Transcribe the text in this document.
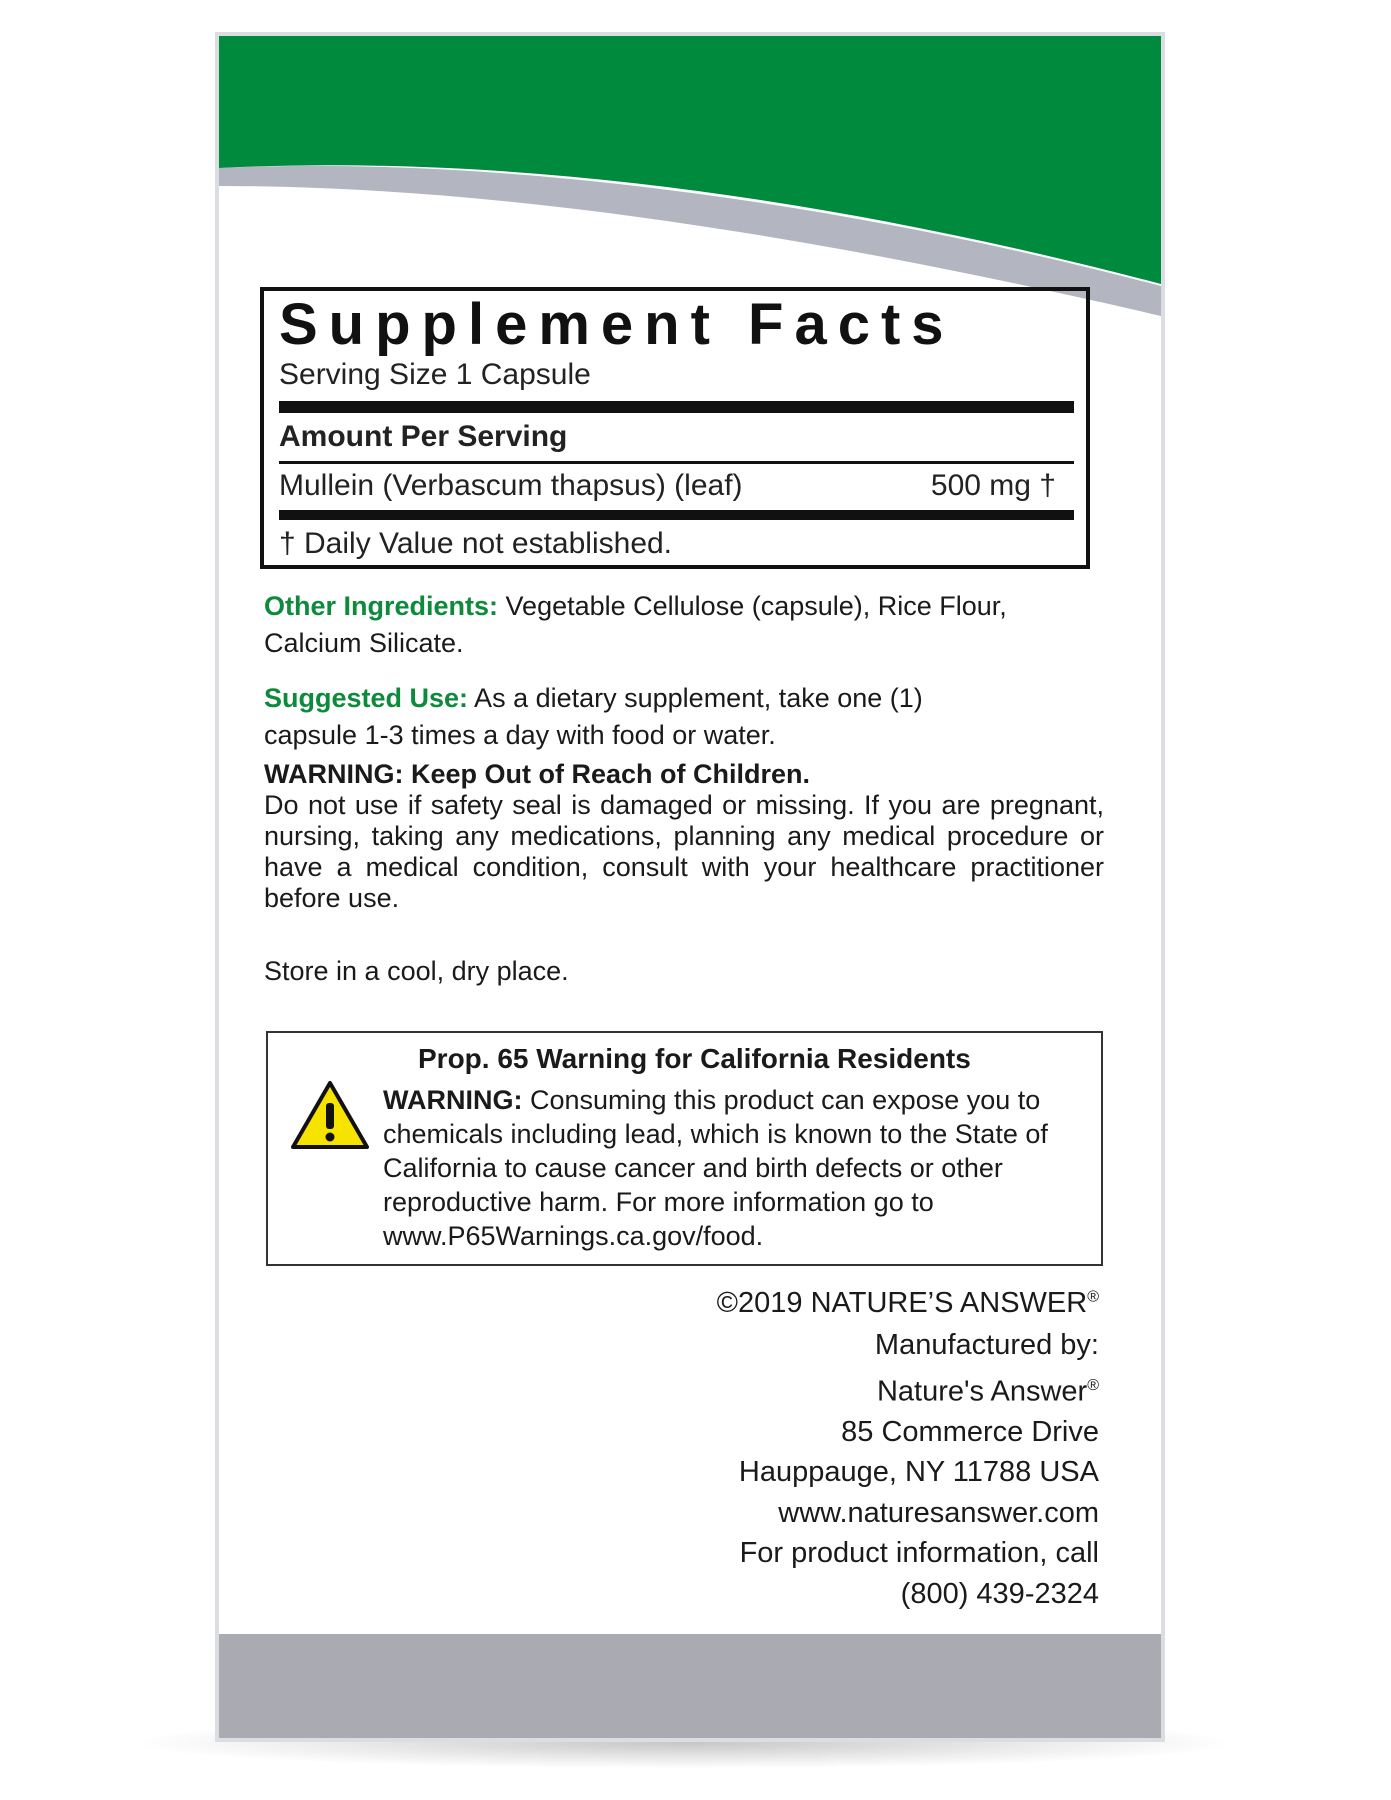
Supplement Facts
Serving Size 1 Capsule
Amount Per Serving
Mullein (Verbascum thapsus) (leaf)	500 mg †
† Daily Value not established.
Other Ingredients: Vegetable Cellulose (capsule), Rice Flour,
Calcium Silicate.
Suggested Use: As a dietary supplement, take one (1)
capsule 1-3 times a day with food or water.
WARNING: Keep Out of Reach of Children.
Do not use if safety seal is damaged or missing. If you are pregnant, nursing, taking any medications, planning any medical procedure or have a medical condition, consult with your healthcare practitioner before use.
Store in a cool, dry place.
Prop. 65 Warning for California Residents
WARNING: Consuming this product can expose you to
chemicals including lead, which is known to the State of
California to cause cancer and birth defects or other
reproductive harm. For more information go to
www.P65Warnings.ca.gov/food.
©2019 NATURE’S ANSWER®
Manufactured by:
Nature's Answer®
85 Commerce Drive
Hauppauge, NY 11788 USA
www.naturesanswer.com
For product information, call
(800) 439-2324
